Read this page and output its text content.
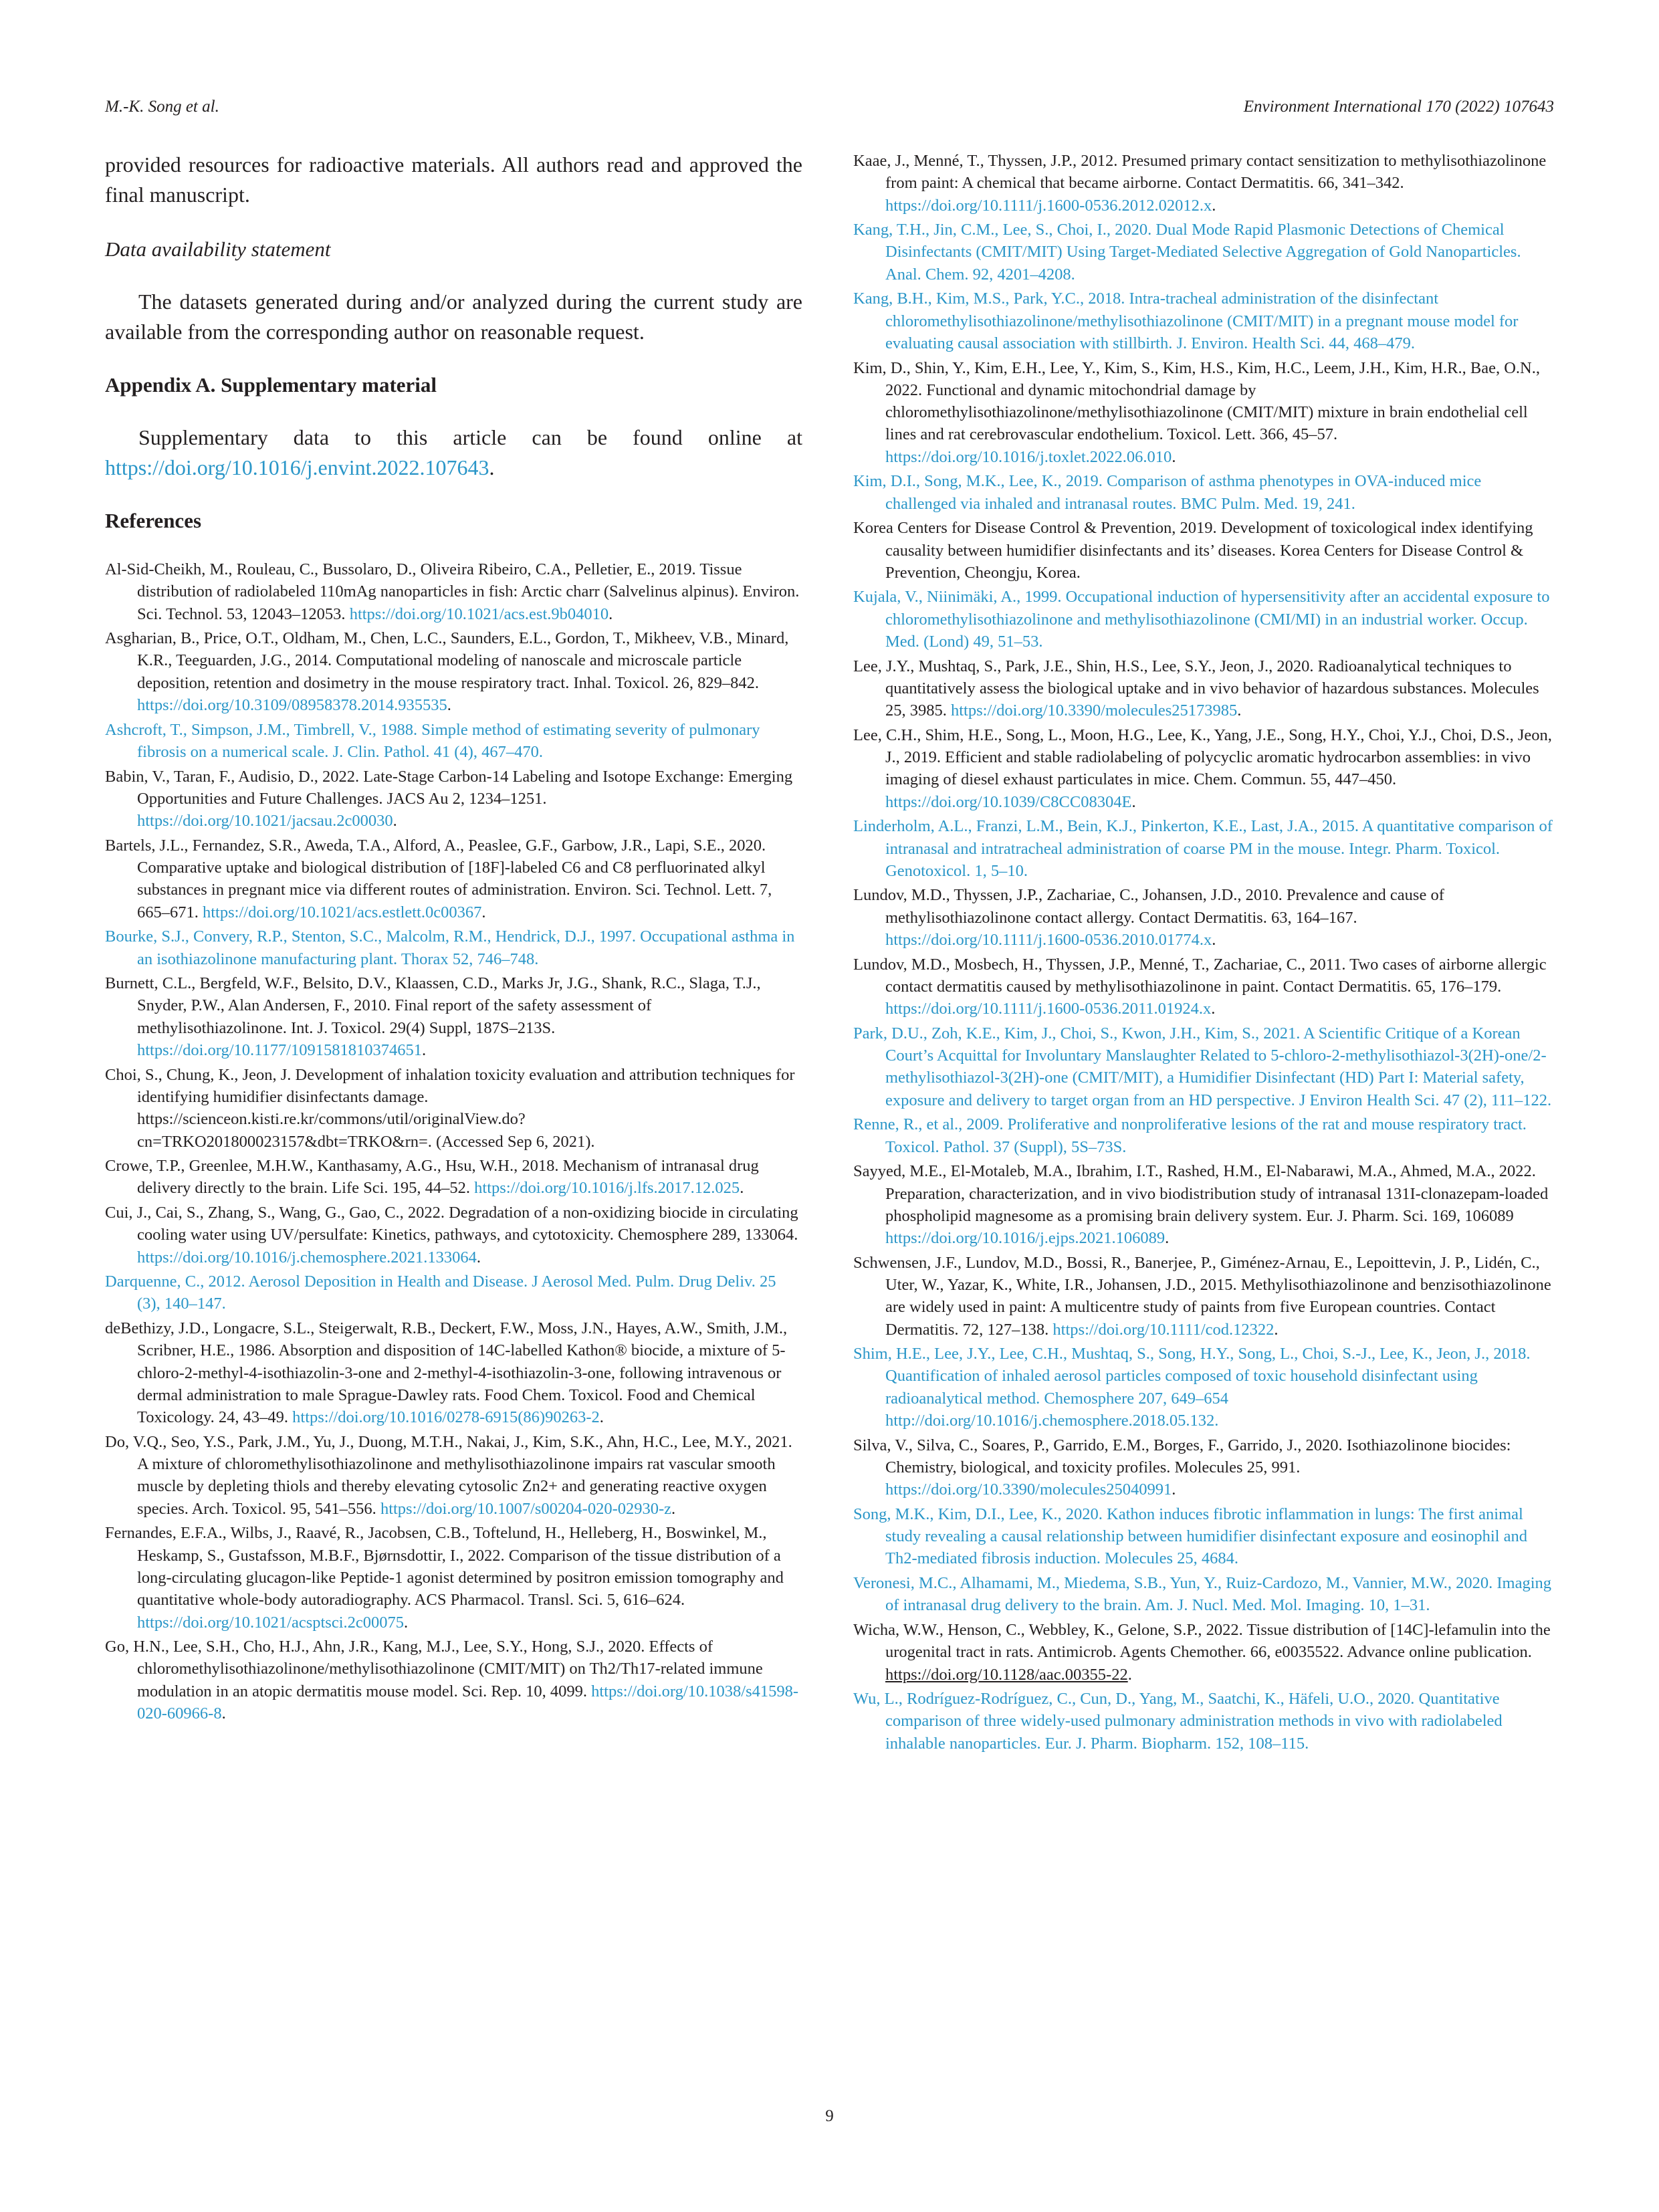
M.-K. Song et al.	Environment International 170 (2022) 107643

provided resources for radioactive materials. All authors read and approved the final manuscript.

Data availability statement

The datasets generated during and/or analyzed during the current study are available from the corresponding author on reasonable request.

Appendix A. Supplementary material

Supplementary data to this article can be found online at https://doi.org/10.1016/j.envint.2022.107643.

References
Al-Sid-Cheikh, M., Rouleau, C., Bussolaro, D., Oliveira Ribeiro, C.A., Pelletier, E., 2019. Tissue distribution of radiolabeled 110mAg nanoparticles in fish: Arctic charr (Salvelinus alpinus). Environ. Sci. Technol. 53, 12043–12053. https://doi.org/10.1021/acs.est.9b04010.
Asgharian, B., Price, O.T., Oldham, M., Chen, L.C., Saunders, E.L., Gordon, T., Mikheev, V.B., Minard, K.R., Teeguarden, J.G., 2014. Computational modeling of nanoscale and microscale particle deposition, retention and dosimetry in the mouse respiratory tract. Inhal. Toxicol. 26, 829–842. https://doi.org/10.3109/08958378.2014.935535.
Ashcroft, T., Simpson, J.M., Timbrell, V., 1988. Simple method of estimating severity of pulmonary fibrosis on a numerical scale. J. Clin. Pathol. 41 (4), 467–470.
Babin, V., Taran, F., Audisio, D., 2022. Late-Stage Carbon-14 Labeling and Isotope Exchange: Emerging Opportunities and Future Challenges. JACS Au 2, 1234–1251. https://doi.org/10.1021/jacsau.2c00030.
Bartels, J.L., Fernandez, S.R., Aweda, T.A., Alford, A., Peaslee, G.F., Garbow, J.R., Lapi, S.E., 2020. Comparative uptake and biological distribution of [18F]-labeled C6 and C8 perfluorinated alkyl substances in pregnant mice via different routes of administration. Environ. Sci. Technol. Lett. 7, 665–671. https://doi.org/10.1021/acs.estlett.0c00367.
Bourke, S.J., Convery, R.P., Stenton, S.C., Malcolm, R.M., Hendrick, D.J., 1997. Occupational asthma in an isothiazolinone manufacturing plant. Thorax 52, 746–748.
Burnett, C.L., Bergfeld, W.F., Belsito, D.V., Klaassen, C.D., Marks Jr, J.G., Shank, R.C., Slaga, T.J., Snyder, P.W., Alan Andersen, F., 2010. Final report of the safety assessment of methylisothiazolinone. Int. J. Toxicol. 29(4) Suppl, 187S–213S. https://doi.org/10.1177/1091581810374651.
Choi, S., Chung, K., Jeon, J. Development of inhalation toxicity evaluation and attribution techniques for identifying humidifier disinfectants damage. https://scienceon.kisti.re.kr/commons/util/originalView.do?cn=TRKO201800023157&dbt=TRKO&rn=. (Accessed Sep 6, 2021).
Crowe, T.P., Greenlee, M.H.W., Kanthasamy, A.G., Hsu, W.H., 2018. Mechanism of intranasal drug delivery directly to the brain. Life Sci. 195, 44–52. https://doi.org/10.1016/j.lfs.2017.12.025.
Cui, J., Cai, S., Zhang, S., Wang, G., Gao, C., 2022. Degradation of a non-oxidizing biocide in circulating cooling water using UV/persulfate: Kinetics, pathways, and cytotoxicity. Chemosphere 289, 133064. https://doi.org/10.1016/j.chemosphere.2021.133064.
Darquenne, C., 2012. Aerosol Deposition in Health and Disease. J Aerosol Med. Pulm. Drug Deliv. 25 (3), 140–147.
deBethizy, J.D., Longacre, S.L., Steigerwalt, R.B., Deckert, F.W., Moss, J.N., Hayes, A.W., Smith, J.M., Scribner, H.E., 1986. Absorption and disposition of 14C-labelled Kathon® biocide, a mixture of 5-chloro-2-methyl-4-isothiazolin-3-one and 2-methyl-4-isothiazolin-3-one, following intravenous or dermal administration to male Sprague-Dawley rats. Food Chem. Toxicol. Food and Chemical Toxicology. 24, 43–49. https://doi.org/10.1016/0278-6915(86)90263-2.
Do, V.Q., Seo, Y.S., Park, J.M., Yu, J., Duong, M.T.H., Nakai, J., Kim, S.K., Ahn, H.C., Lee, M.Y., 2021. A mixture of chloromethylisothiazolinone and methylisothiazolinone impairs rat vascular smooth muscle by depleting thiols and thereby elevating cytosolic Zn2+ and generating reactive oxygen species. Arch. Toxicol. 95, 541–556. https://doi.org/10.1007/s00204-020-02930-z.
Fernandes, E.F.A., Wilbs, J., Raavé, R., Jacobsen, C.B., Toftelund, H., Helleberg, H., Boswinkel, M., Heskamp, S., Gustafsson, M.B.F., Bjørnsdottir, I., 2022. Comparison of the tissue distribution of a long-circulating glucagon-like Peptide-1 agonist determined by positron emission tomography and quantitative whole-body autoradiography. ACS Pharmacol. Transl. Sci. 5, 616–624. https://doi.org/10.1021/acsptsci.2c00075.
Go, H.N., Lee, S.H., Cho, H.J., Ahn, J.R., Kang, M.J., Lee, S.Y., Hong, S.J., 2020. Effects of chloromethylisothiazolinone/methylisothiazolinone (CMIT/MIT) on Th2/Th17-related immune modulation in an atopic dermatitis mouse model. Sci. Rep. 10, 4099. https://doi.org/10.1038/s41598-020-60966-8.
Kaae, J., Menné, T., Thyssen, J.P., 2012. Presumed primary contact sensitization to methylisothiazolinone from paint: A chemical that became airborne. Contact Dermatitis. 66, 341–342. https://doi.org/10.1111/j.1600-0536.2012.02012.x.
Kang, T.H., Jin, C.M., Lee, S., Choi, I., 2020. Dual Mode Rapid Plasmonic Detections of Chemical Disinfectants (CMIT/MIT) Using Target-Mediated Selective Aggregation of Gold Nanoparticles. Anal. Chem. 92, 4201–4208.
Kang, B.H., Kim, M.S., Park, Y.C., 2018. Intra-tracheal administration of the disinfectant chloromethylisothiazolinone/methylisothiazolinone (CMIT/MIT) in a pregnant mouse model for evaluating causal association with stillbirth. J. Environ. Health Sci. 44, 468–479.
Kim, D., Shin, Y., Kim, E.H., Lee, Y., Kim, S., Kim, H.S., Kim, H.C., Leem, J.H., Kim, H.R., Bae, O.N., 2022. Functional and dynamic mitochondrial damage by chloromethylisothiazolinone/methylisothiazolinone (CMIT/MIT) mixture in brain endothelial cell lines and rat cerebrovascular endothelium. Toxicol. Lett. 366, 45–57. https://doi.org/10.1016/j.toxlet.2022.06.010.
Kim, D.I., Song, M.K., Lee, K., 2019. Comparison of asthma phenotypes in OVA-induced mice challenged via inhaled and intranasal routes. BMC Pulm. Med. 19, 241.
Korea Centers for Disease Control & Prevention, 2019. Development of toxicological index identifying causality between humidifier disinfectants and its’ diseases. Korea Centers for Disease Control & Prevention, Cheongju, Korea.
Kujala, V., Niinimäki, A., 1999. Occupational induction of hypersensitivity after an accidental exposure to chloromethylisothiazolinone and methylisothiazolinone (CMI/MI) in an industrial worker. Occup. Med. (Lond) 49, 51–53.
Lee, J.Y., Mushtaq, S., Park, J.E., Shin, H.S., Lee, S.Y., Jeon, J., 2020. Radioanalytical techniques to quantitatively assess the biological uptake and in vivo behavior of hazardous substances. Molecules 25, 3985. https://doi.org/10.3390/molecules25173985.
Lee, C.H., Shim, H.E., Song, L., Moon, H.G., Lee, K., Yang, J.E., Song, H.Y., Choi, Y.J., Choi, D.S., Jeon, J., 2019. Efficient and stable radiolabeling of polycyclic aromatic hydrocarbon assemblies: in vivo imaging of diesel exhaust particulates in mice. Chem. Commun. 55, 447–450. https://doi.org/10.1039/C8CC08304E.
Linderholm, A.L., Franzi, L.M., Bein, K.J., Pinkerton, K.E., Last, J.A., 2015. A quantitative comparison of intranasal and intratracheal administration of coarse PM in the mouse. Integr. Pharm. Toxicol. Genotoxicol. 1, 5–10.
Lundov, M.D., Thyssen, J.P., Zachariae, C., Johansen, J.D., 2010. Prevalence and cause of methylisothiazolinone contact allergy. Contact Dermatitis. 63, 164–167. https://doi.org/10.1111/j.1600-0536.2010.01774.x.
Lundov, M.D., Mosbech, H., Thyssen, J.P., Menné, T., Zachariae, C., 2011. Two cases of airborne allergic contact dermatitis caused by methylisothiazolinone in paint. Contact Dermatitis. 65, 176–179. https://doi.org/10.1111/j.1600-0536.2011.01924.x.
Park, D.U., Zoh, K.E., Kim, J., Choi, S., Kwon, J.H., Kim, S., 2021. A Scientific Critique of a Korean Court’s Acquittal for Involuntary Manslaughter Related to 5-chloro-2-methylisothiazol-3(2H)-one/2-methylisothiazol-3(2H)-one (CMIT/MIT), a Humidifier Disinfectant (HD) Part I: Material safety, exposure and delivery to target organ from an HD perspective. J Environ Health Sci. 47 (2), 111–122.
Renne, R., et al., 2009. Proliferative and nonproliferative lesions of the rat and mouse respiratory tract. Toxicol. Pathol. 37 (Suppl), 5S–73S.
Sayyed, M.E., El-Motaleb, M.A., Ibrahim, I.T., Rashed, H.M., El-Nabarawi, M.A., Ahmed, M.A., 2022. Preparation, characterization, and in vivo biodistribution study of intranasal 131I-clonazepam-loaded phospholipid magnesome as a promising brain delivery system. Eur. J. Pharm. Sci. 169, 106089 https://doi.org/10.1016/j.ejps.2021.106089.
Schwensen, J.F., Lundov, M.D., Bossi, R., Banerjee, P., Giménez-Arnau, E., Lepoittevin, J. P., Lidén, C., Uter, W., Yazar, K., White, I.R., Johansen, J.D., 2015. Methylisothiazolinone and benzisothiazolinone are widely used in paint: A multicentre study of paints from five European countries. Contact Dermatitis. 72, 127–138. https://doi.org/10.1111/cod.12322.
Shim, H.E., Lee, J.Y., Lee, C.H., Mushtaq, S., Song, H.Y., Song, L., Choi, S.-J., Lee, K., Jeon, J., 2018. Quantification of inhaled aerosol particles composed of toxic household disinfectant using radioanalytical method. Chemosphere 207, 649–654 http://doi.org/10.1016/j.chemosphere.2018.05.132.
Silva, V., Silva, C., Soares, P., Garrido, E.M., Borges, F., Garrido, J., 2020. Isothiazolinone biocides: Chemistry, biological, and toxicity profiles. Molecules 25, 991. https://doi.org/10.3390/molecules25040991.
Song, M.K., Kim, D.I., Lee, K., 2020. Kathon induces fibrotic inflammation in lungs: The first animal study revealing a causal relationship between humidifier disinfectant exposure and eosinophil and Th2-mediated fibrosis induction. Molecules 25, 4684.
Veronesi, M.C., Alhamami, M., Miedema, S.B., Yun, Y., Ruiz-Cardozo, M., Vannier, M.W., 2020. Imaging of intranasal drug delivery to the brain. Am. J. Nucl. Med. Mol. Imaging. 10, 1–31.
Wicha, W.W., Henson, C., Webbley, K., Gelone, S.P., 2022. Tissue distribution of [14C]-lefamulin into the urogenital tract in rats. Antimicrob. Agents Chemother. 66, e0035522. Advance online publication. https://doi.org/10.1128/aac.00355-22.
Wu, L., Rodríguez-Rodríguez, C., Cun, D., Yang, M., Saatchi, K., Häfeli, U.O., 2020. Quantitative comparison of three widely-used pulmonary administration methods in vivo with radiolabeled inhalable nanoparticles. Eur. J. Pharm. Biopharm. 152, 108–115.
9
